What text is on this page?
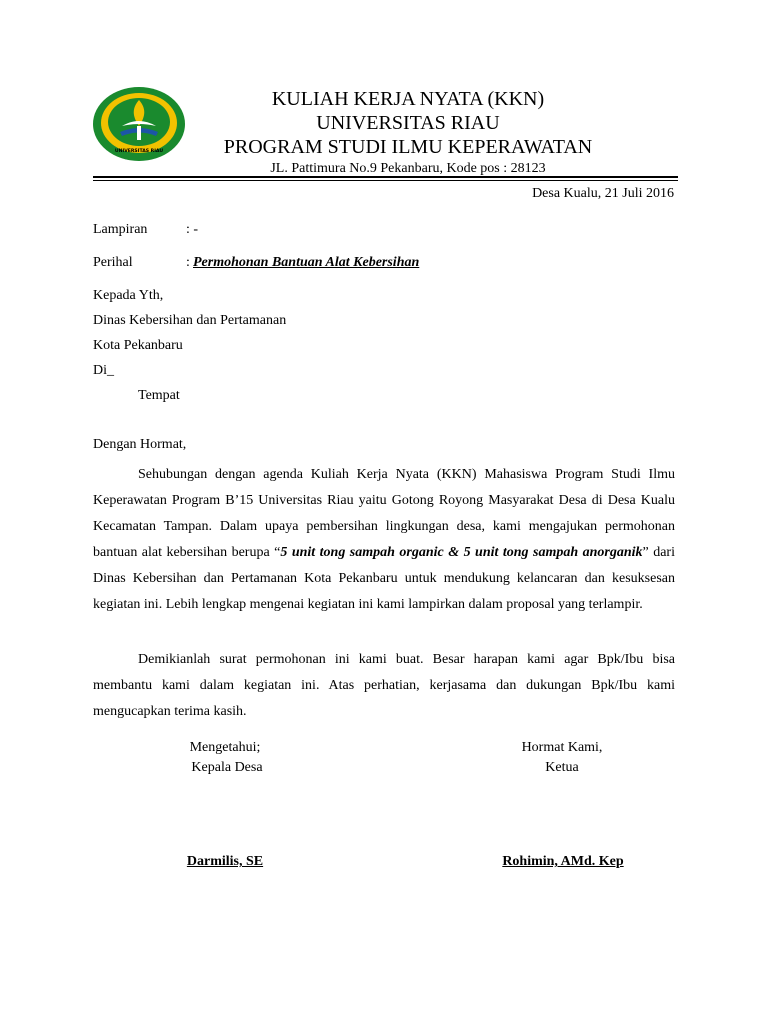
UNIVERSITAS RIAU
KULIAH KERJA NYATA (KKN)
UNIVERSITAS RIAU
PROGRAM STUDI ILMU KEPERAWATAN
JL. Pattimura No.9 Pekanbaru, Kode pos : 28123
Desa Kualu, 21 Juli 2016
Lampiran	: -
Perihal	: Permohonan Bantuan Alat Kebersihan
Kepada Yth,
Dinas Kebersihan dan Pertamanan
Kota Pekanbaru
Di_
Tempat
Dengan Hormat,
Sehubungan dengan agenda Kuliah Kerja Nyata (KKN) Mahasiswa Program Studi Ilmu Keperawatan Program B’15 Universitas Riau yaitu Gotong Royong Masyarakat Desa di Desa Kualu Kecamatan Tampan. Dalam upaya pembersihan lingkungan desa, kami mengajukan permohonan bantuan alat kebersihan berupa “5 unit tong sampah organic & 5 unit tong sampah anorganik” dari Dinas Kebersihan dan Pertamanan Kota Pekanbaru untuk mendukung kelancaran dan kesuksesan kegiatan ini. Lebih lengkap mengenai kegiatan ini kami lampirkan dalam proposal yang terlampir.
Demikianlah surat permohonan ini kami buat. Besar harapan kami agar Bpk/Ibu bisa membantu kami dalam kegiatan ini. Atas perhatian, kerjasama dan dukungan Bpk/Ibu kami mengucapkan terima kasih.
Mengetahui;
Kepala Desa
Darmilis, SE
Hormat Kami,
Ketua
Rohimin, AMd. Kep
